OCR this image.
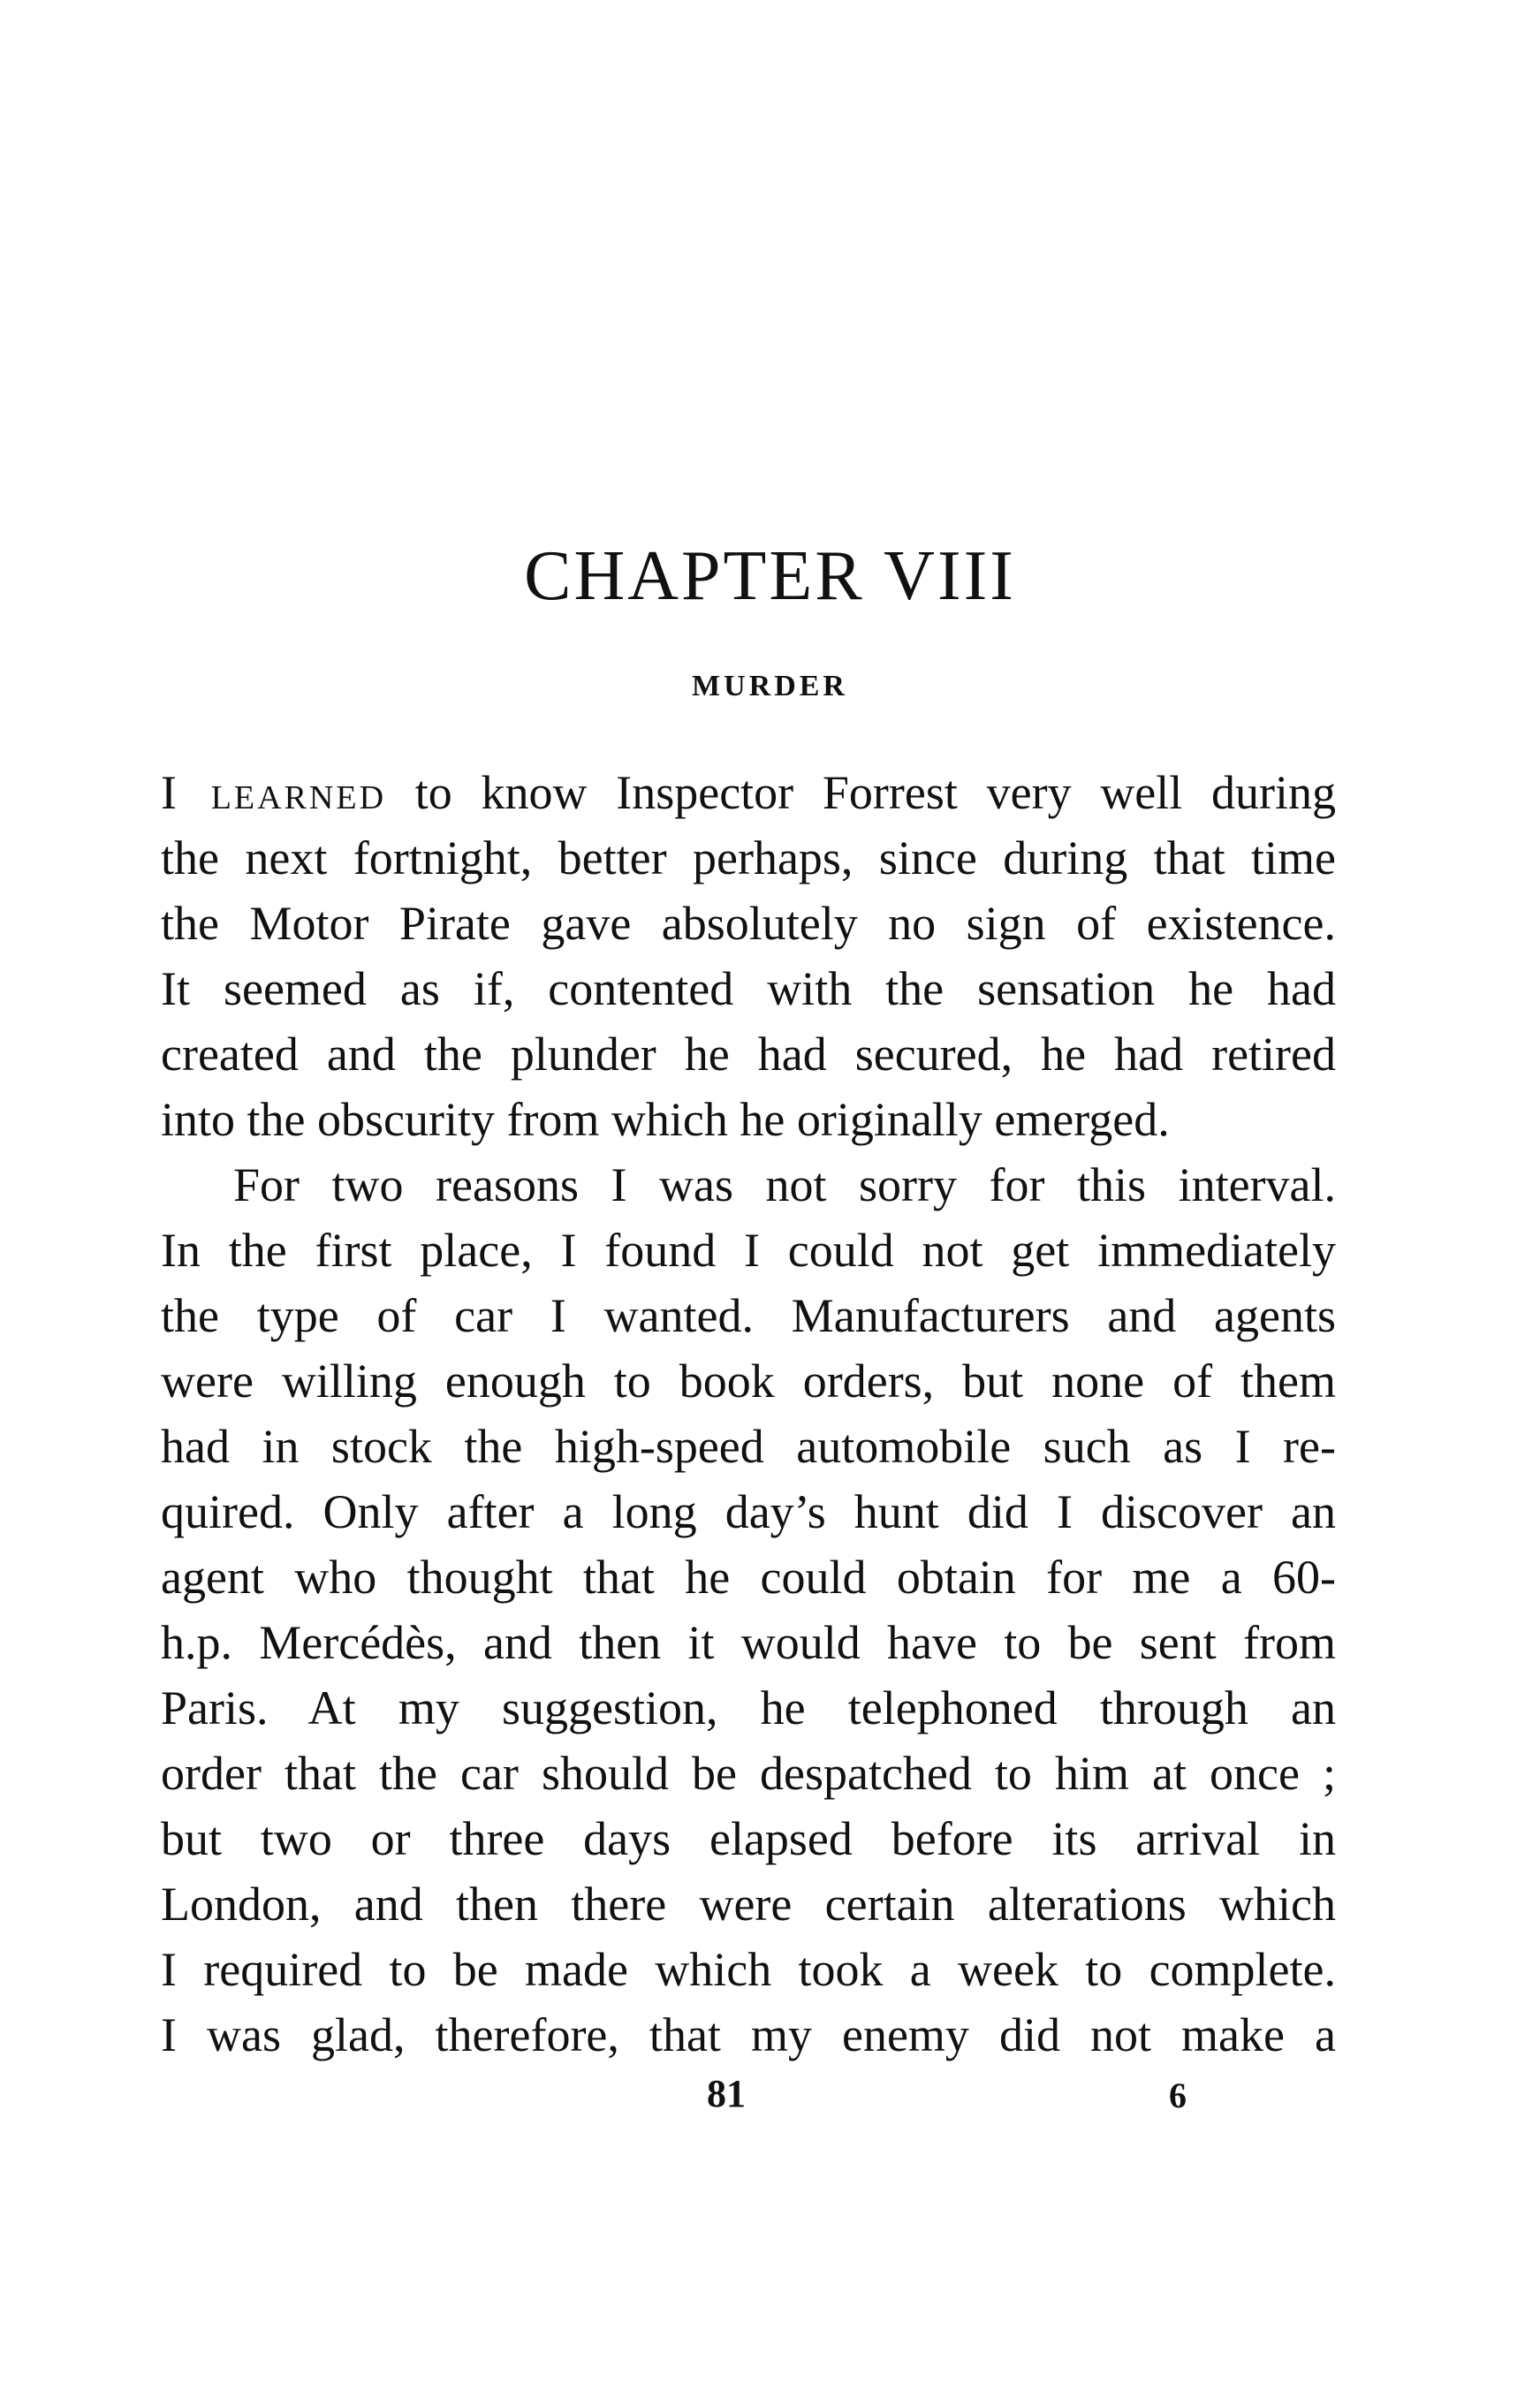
CHAPTER VIII
MURDER
I learned to know Inspector Forrest very well during
the next fortnight, better perhaps, since during that time
the Motor Pirate gave absolutely no sign of existence.
It seemed as if, contented with the sensation he had
created and the plunder he had secured, he had retired
into the obscurity from which he originally emerged.
For two reasons I was not sorry for this interval.
In the first place, I found I could not get immediately
the type of car I wanted. Manufacturers and agents
were willing enough to book orders, but none of them
had in stock the high-speed automobile such as I re-
quired. Only after a long day’s hunt did I discover an
agent who thought that he could obtain for me a 60-
h.p. Mercédès, and then it would have to be sent from
Paris. At my suggestion, he telephoned through an
order that the car should be despatched to him at once ;
but two or three days elapsed before its arrival in
London, and then there were certain alterations which
I required to be made which took a week to complete.
I was glad, therefore, that my enemy did not make a
81	6
